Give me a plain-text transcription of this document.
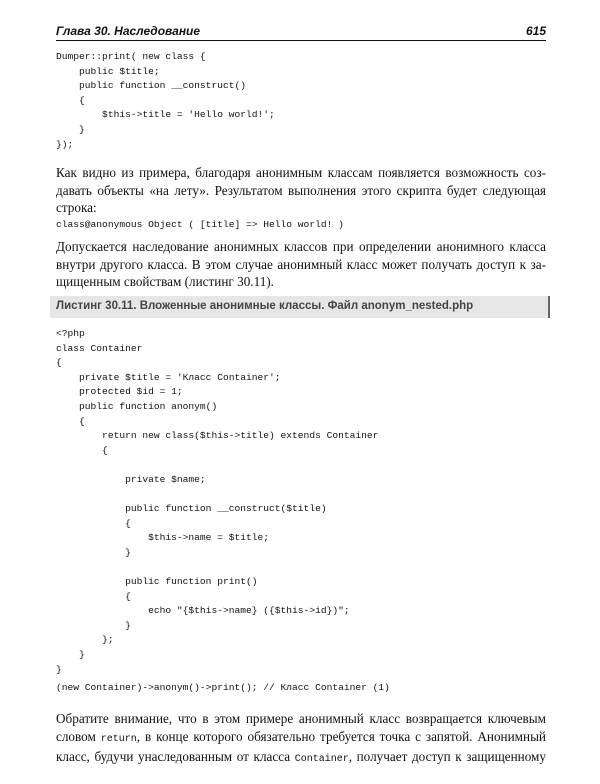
Глава 30. Наследование	615
Dumper::print( new class {
public $title;
public function __construct()
{
$this->title = 'Hello world!';
}
});
Как видно из примера, благодаря анонимным классам появляется возможность соз-
давать объекты «на лету». Результатом выполнения этого скрипта будет следующая
строка:
class@anonymous Object ( [title] => Hello world! )
Допускается наследование анонимных классов при определении анонимного класса
внутри другого класса. В этом случае анонимный класс может получать доступ к за-
щищенным свойствам (листинг 30.11).
Листинг 30.11. Вложенные анонимные классы. Файл anonym_nested.php
<?php
class Container
{
private $title = 'Класс Container';
protected $id = 1;
public function anonym()
{
return new class($this->title) extends Container
{
private $name;
public function __construct($title)
{
$this->name = $title;
}
public function print()
{
echo "{$this->name} ({$this->id})";
}
};
}
}
(new Container)->anonym()->print(); // Класс Container (1)
Обратите внимание, что в этом примере анонимный класс возвращается ключевым
словом return, в конце которого обязательно требуется точка с запятой. Анонимный
класс, будучи унаследованным от класса Container, получает доступ к защищенному
